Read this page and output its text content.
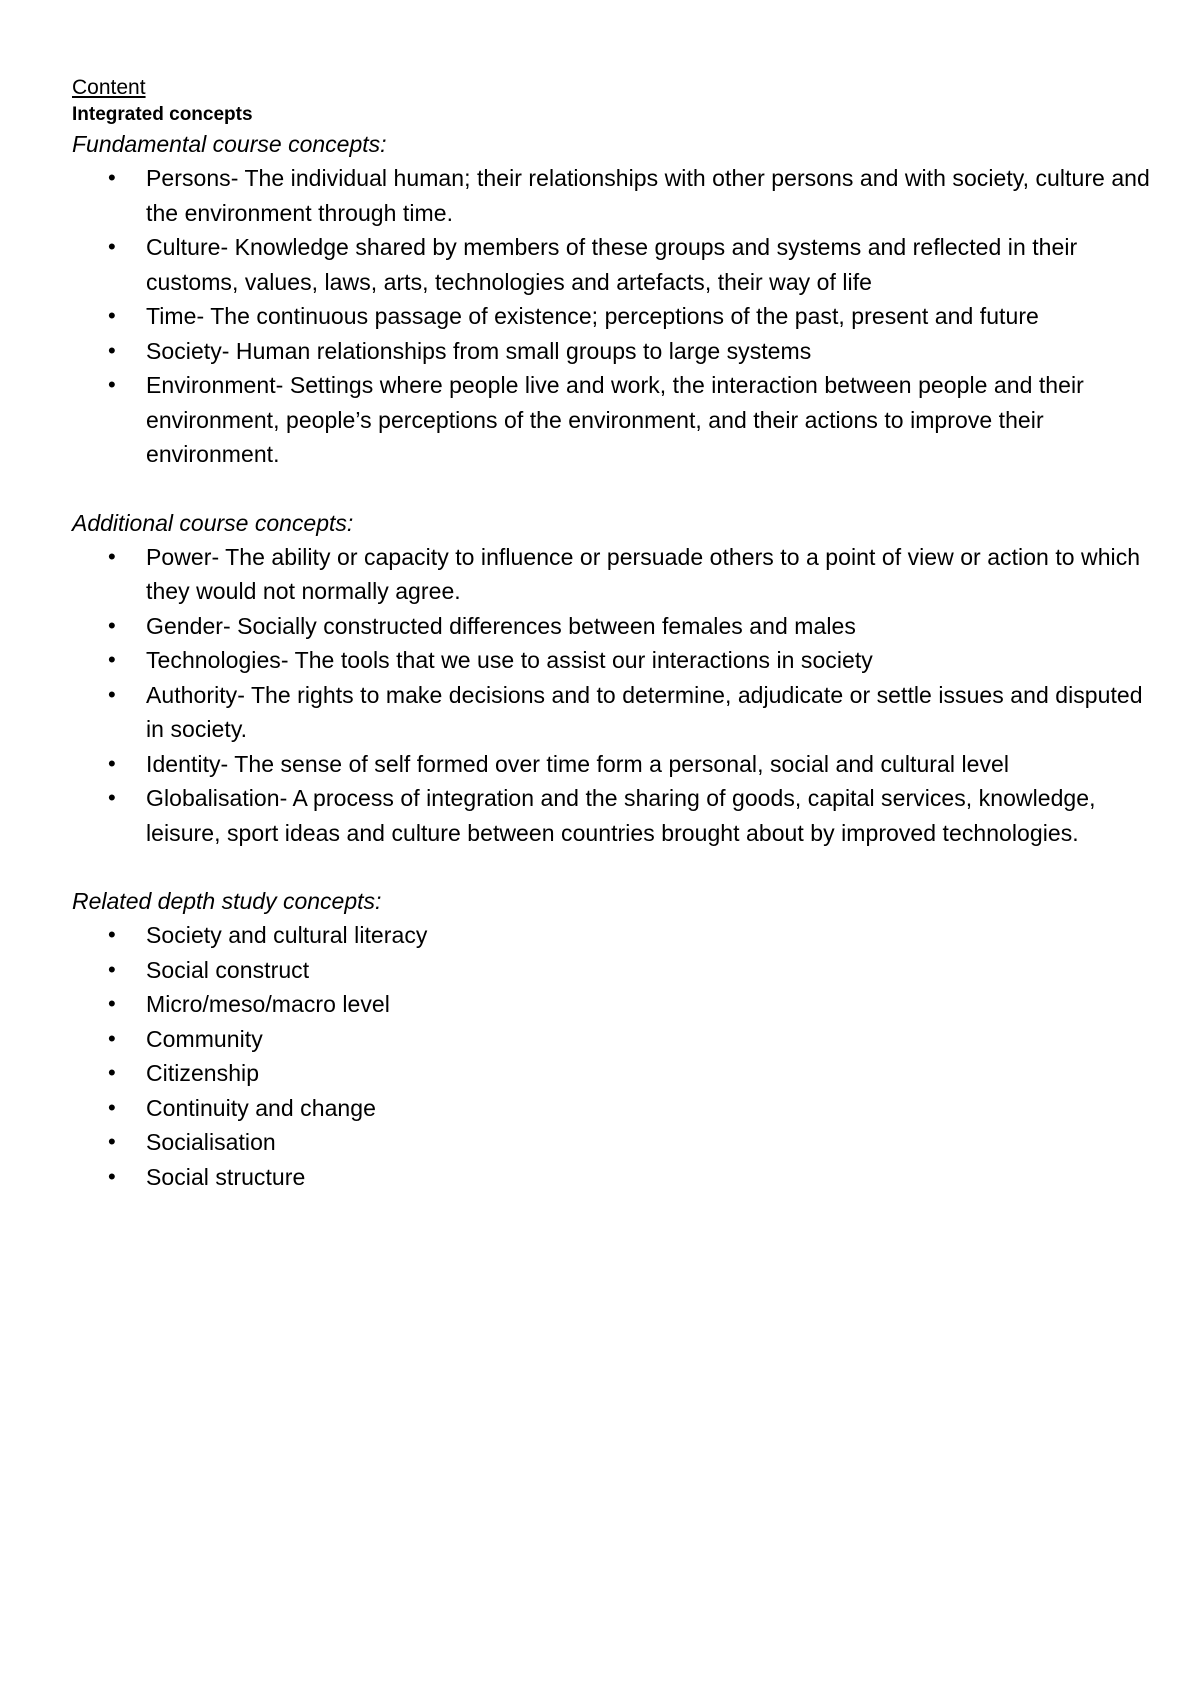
Content
Integrated concepts
Fundamental course concepts:
• Persons- The individual human; their relationships with other persons and with society, culture and the environment through time.
• Culture- Knowledge shared by members of these groups and systems and reflected in their customs, values, laws, arts, technologies and artefacts, their way of life
• Time- The continuous passage of existence; perceptions of the past, present and future
• Society- Human relationships from small groups to large systems
• Environment- Settings where people live and work, the interaction between people and their environment, people’s perceptions of the environment, and their actions to improve their environment.
Additional course concepts:
• Power- The ability or capacity to influence or persuade others to a point of view or action to which they would not normally agree.
• Gender- Socially constructed differences between females and males
• Technologies- The tools that we use to assist our interactions in society
• Authority- The rights to make decisions and to determine, adjudicate or settle issues and disputed in society.
• Identity- The sense of self formed over time form a personal, social and cultural level
• Globalisation- A process of integration and the sharing of goods, capital services, knowledge, leisure, sport ideas and culture between countries brought about by improved technologies.
Related depth study concepts:
• Society and cultural literacy
• Social construct
• Micro/meso/macro level
• Community
• Citizenship
• Continuity and change
• Socialisation
• Social structure
